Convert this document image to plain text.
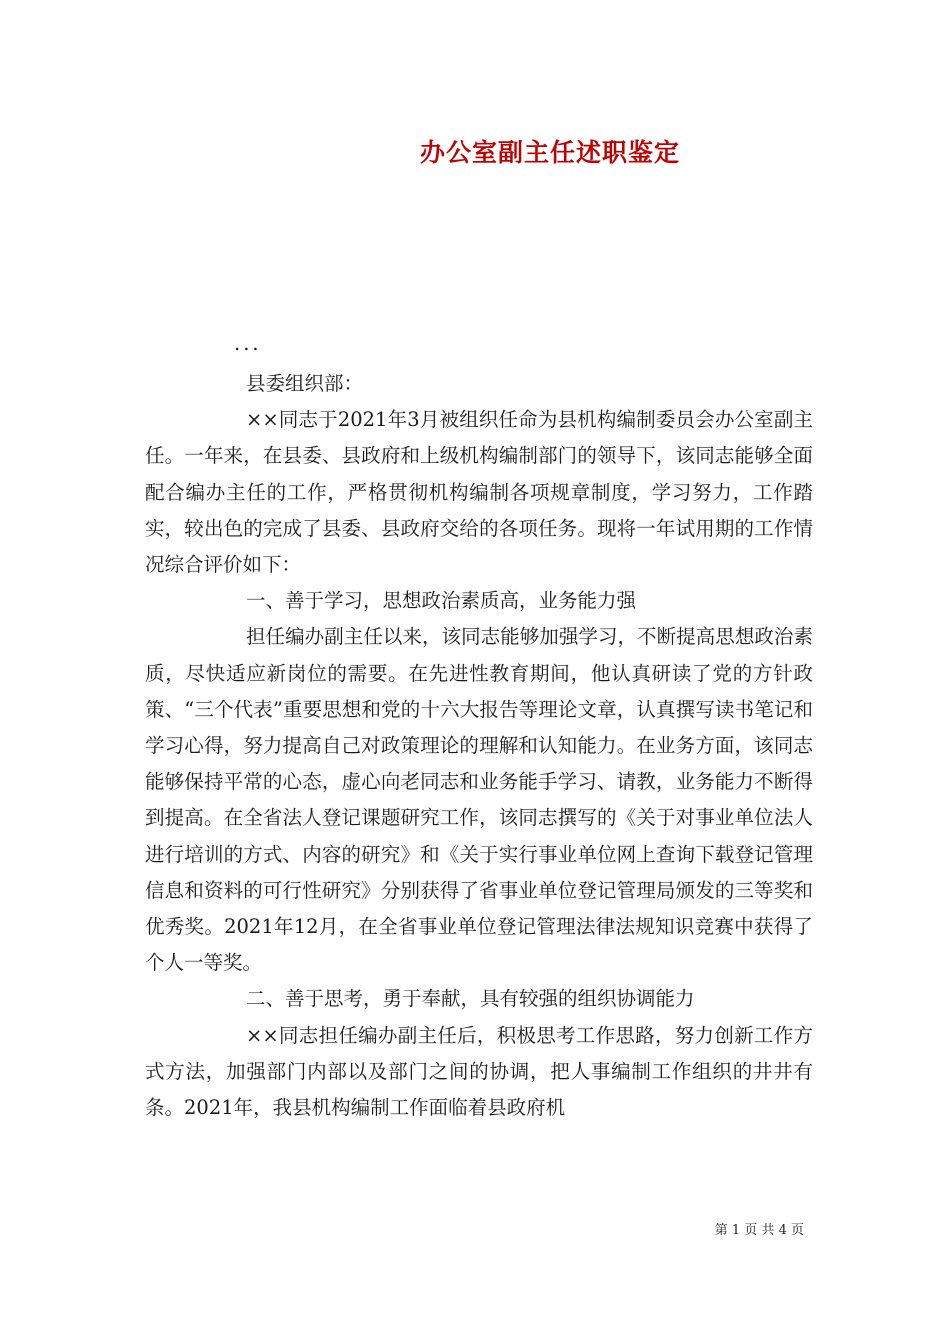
办公室副主任述职鉴定

...

县委组织部：

××同志于2021年3月被组织任命为县机构编制委员会办公室副主任。一年来，在县委、县政府和上级机构编制部门的领导下，该同志能够全面配合编办主任的工作，严格贯彻机构编制各项规章制度，学习努力，工作踏实，较出色的完成了县委、县政府交给的各项任务。现将一年试用期的工作情况综合评价如下：

一、善于学习，思想政治素质高，业务能力强

担任编办副主任以来，该同志能够加强学习，不断提高思想政治素质，尽快适应新岗位的需要。在先进性教育期间，他认真研读了党的方针政策、“三个代表”重要思想和党的十六大报告等理论文章，认真撰写读书笔记和学习心得，努力提高自己对政策理论的理解和认知能力。在业务方面，该同志能够保持平常的心态，虚心向老同志和业务能手学习、请教，业务能力不断得到提高。在全省法人登记课题研究工作，该同志撰写的《关于对事业单位法人进行培训的方式、内容的研究》和《关于实行事业单位网上查询下载登记管理信息和资料的可行性研究》分别获得了省事业单位登记管理局颁发的三等奖和优秀奖。2021年12月，在全省事业单位登记管理法律法规知识竞赛中获得了个人一等奖。

二、善于思考，勇于奉献，具有较强的组织协调能力

××同志担任编办副主任后，积极思考工作思路，努力创新工作方式方法，加强部门内部以及部门之间的协调，把人事编制工作组织的井井有条。2021年，我县机构编制工作面临着县政府机

第 1 页 共 4 页
